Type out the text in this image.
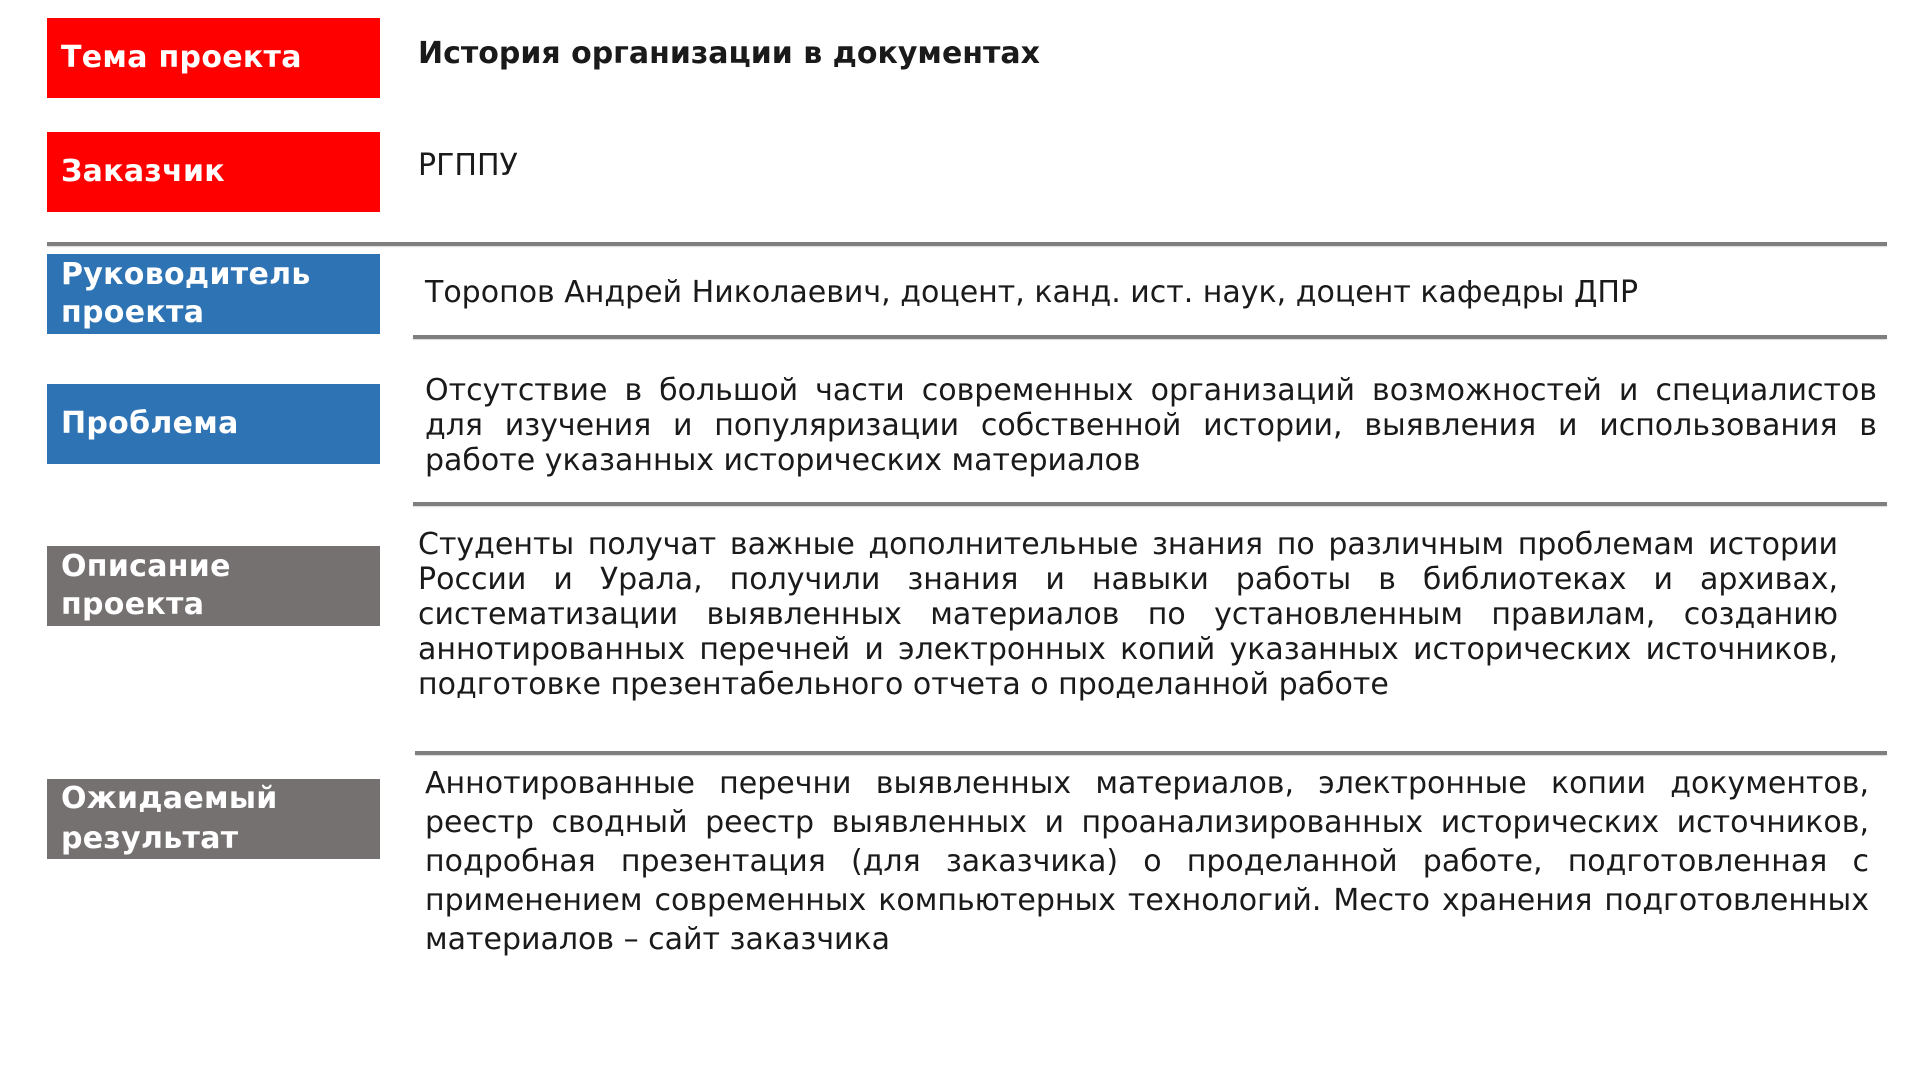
Тема проекта	История организации в документах
Заказчик	РГППУ
Руководитель проекта
Торопов Андрей Николаевич, доцент, канд. ист. наук, доцент кафедры ДПР
Проблема
Отсутствие в большой части современных организаций возможностей и специалистов для изучения и популяризации собственной истории, выявления и использования в работе указанных исторических материалов
Описание проекта
Студенты получат важные дополнительные знания по различным проблемам истории России и Урала, получили знания и навыки работы в библиотеках и архивах, систематизации выявленных материалов по установленным правилам, созданию аннотированных перечней и электронных копий указанных исторических источников, подготовке презентабельного отчета о проделанной работе
Ожидаемый результат
Аннотированные перечни выявленных материалов, электронные копии документов, реестр сводный реестр выявленных и проанализированных исторических источников, подробная презентация (для заказчика) о проделанной работе, подготовленная с применением современных компьютерных технологий. Место хранения подготовленных материалов – сайт заказчика
